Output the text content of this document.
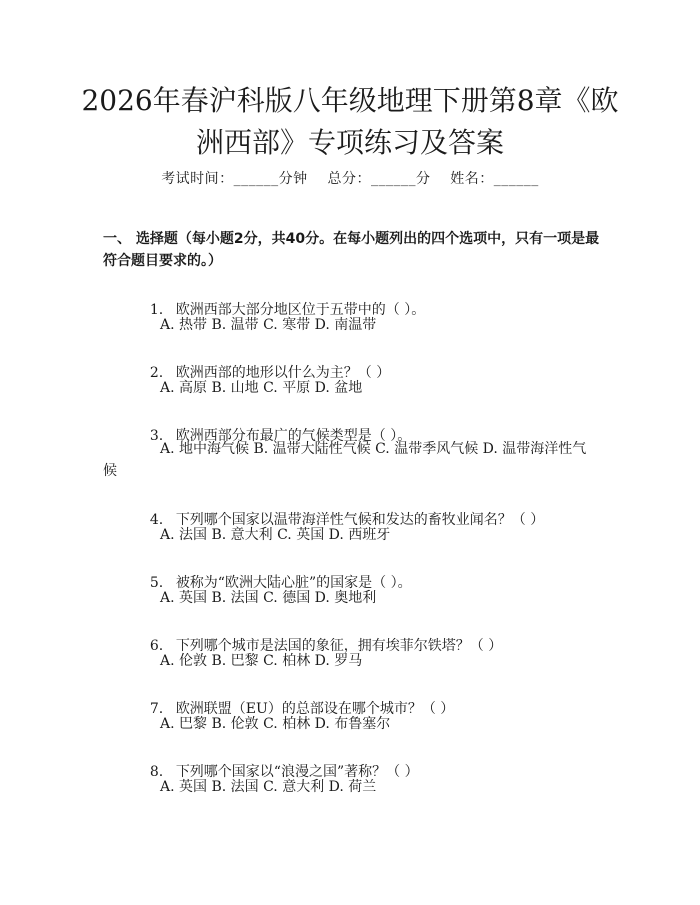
2026年春沪科版八年级地理下册第8章《欧
洲西部》专项练习及答案
考试时间：______分钟    总分：______分    姓名：______
一、 选择题（每小题2分，共40分。在每小题列出的四个选项中，只有一项是最符合题目要求的。）

1. 欧洲西部大部分地区位于五带中的（ ）。

A. 热带 B. 温带 C. 寒带 D. 南温带

2. 欧洲西部的地形以什么为主？（ ）

A. 高原 B. 山地 C. 平原 D. 盆地

3. 欧洲西部分布最广的气候类型是（ ）。

A. 地中海气候 B. 温带大陆性气候 C. 温带季风气候 D. 温带海洋性气候

4. 下列哪个国家以温带海洋性气候和发达的畜牧业闻名？（ ）

A. 法国 B. 意大利 C. 英国 D. 西班牙

5. 被称为“欧洲大陆心脏”的国家是（ ）。

A. 英国 B. 法国 C. 德国 D. 奥地利

6. 下列哪个城市是法国的象征，拥有埃菲尔铁塔？（ ）

A. 伦敦 B. 巴黎 C. 柏林 D. 罗马

7. 欧洲联盟（EU）的总部设在哪个城市？（ ）

A. 巴黎 B. 伦敦 C. 柏林 D. 布鲁塞尔

8. 下列哪个国家以“浪漫之国”著称？（ ）

A. 英国 B. 法国 C. 意大利 D. 荷兰
